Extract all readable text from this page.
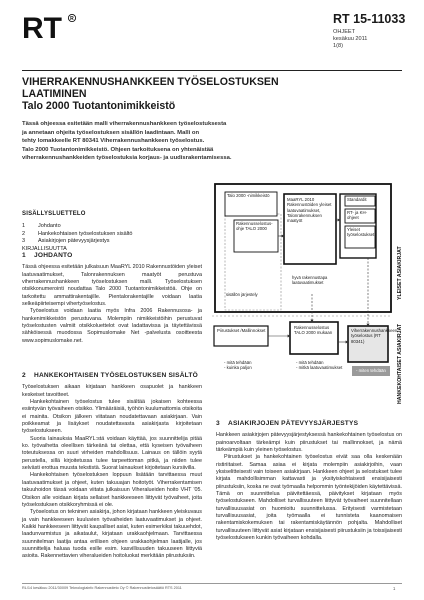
RT R	RT 15-11033
OHJEET
kesäkuu 2011
1(8)
VIHERRAKENNUSHANKKEEN TYÖSELOSTUKSEN
LAATIMINEN
Talo 2000 Tuotantonimikkeistö
Tässä ohjeessa esitetään malli viherrakennushankkeen työselostuksesta
ja annetaan ohjeita työselostuksen sisällön laadintaan. Malli on
tehty lomakkeelle RT 80341 Viherrakennushankkeen työselostus.
Talo 2000 Tuotantonimikkeistö. Ohjeen tarkoituksena on yhtenäistää
viherrakennushankkeiden työselostuksia korjaus- ja uudisrakentamisessa.
SISÄLLYSLUETTELO
1 Johdanto
2 Hankekohtaisen työselostuksen sisältö
3 Asiakirjojen pätevyysjärjestys
KIRJALLISUUTTA
1    JOHDANTO

Tässä ohjeessa esitetään julkaisuun MaaRYL 2010 Rakennustöiden yleiset laatuvaatimukset, Talonrakennuksen maatyöt perustuva viherrakennushankkeen työselostuksen malli. Työselostuksen otsikkonumerointi noudattaa Talo 2000 Tuotantonimikkeistöä. Ohje on tarkoitettu ammattirakentajille. Pientalorakentajille voidaan laatia selkeäpiirteisempi vihertyöselostus.

Työselostus voidaan laatia myös Infra 2006 Rakennusosa- ja hankenimikkeistön perustuvana. Molempiin nimikkeistöihin perustuvat työselostusten valmiit otsikkoluettelot ovat ladattavissa ja täytettävissä sähköisessä muodossa Sopimuslomake Net -palvelusta osoitteesta www.sopimuslomake.net.

2    HANKEKOHTAISEN TYÖSELOSTUKSEN SISÄLTÖ

Työselostuksen aikaan kirjataan hankkeen osapuolet ja hankkeen keskeiset tavoitteet.

Hankekohtainen työselostus tulee sisältää jokaisen kohteessa esiintyvän työvaiheen otsikko. Ylimääräisiä, työhön kuulumattomia otsikoita ei mainita. Otsikon jälkeen viitataan noudatettavaan asiakirjaan. Vain poikkeamat ja lisäykset noudatettavasta asiakirjasta kirjoitetaan työselostukseen.

Suoria lainauksia MaaRYL:stä voidaan käyttää, jos suunnittelija pitää ko. työvaihetta oleellisen tärkeänä tai olettaa, että kyseisen työvaiheen toteutuksessa on suuri virheiden mahdollisuus. Lainaus on tällöin syytä perustella, sillä kirjoitetussa tulee tarpeettoman pitkä, ja niiden tulee selvästi erottua muusta tekstistä. Suorat lainaukset kirjoitetaan kursiivilla.

Hankekohtaisen työselostuksen loppuun lisätään tarvittaessa muut laatuvaatimukset ja ohjeet, kuten takuuajan hoitotyöt. Viherrakentamisen takuuhoidon tässä voidaan viitata julkaisuun Viheralueiden hoito VHT '05. Otsikon alle voidaan kirjata sellaiset hankkeeseen liittyvät työvaiheet, joita työselostuksen otsikkoryhmissä ei ole.

Työselostus on tekninen asiakirja, johon kirjataan hankkeen yleiskuvaus ja vain hankkeeseen kuuluvien työvaiheiden laatuvaatimukset ja ohjeet. Kaikki hankkeeseen liittyvät kaupalliset asiat, kuten esimerkiksi takuuehdot, laadunvarmistus ja aikataulut, kirjataan urakkaohjelmaan. Tarvittaessa suunnitelman laatija antaa erillisen ohjeen urakkaohjelman laatijalle, jos suunnittelija haluaa tuoda esille esim. kasvillisuuden takuuseen liittyviä asioita. Rakennettavien viheralueiden hoitoluokat merkitään piirustuksiin.

Talo 2000 -nimikkeistö
Rakennusselostus-ohje TALO 2000
sisällön järjestely
MaaRYL 2010 Rakennustöiden yleiset laatuvaatimukset, Talonrakennuksen maatyöt
hyvä rakennustapa laatuvaatimukset
Standardit
RT- ja KH-ohjeet
Yleiset työselostukset
YLEISET ASIAKIRJAT
HANKEKOHTAISET ASIAKIRJAT
Piirustukset /Mallinnokset
Rakennusselostus TALO 2000 mukaan	Viherrakennushankkeen työselostus (RT 80341)
- mitä tehdään
- kuinka paljon
- mitä tehdään
- mitkä laatuvaatimukset
- miten tehdään
3    ASIAKIRJOJEN PÄTEVYYSJÄRJESTYS

Hankkeen asiakirjojen pätevyysjärjestyksessä hankekohtainen työselostus on painoarvoltaan tärkeämpi kuin piirustukset tai mallinnokset, ja nämä tärkeämpiä kuin yleinen työselostus.

Piirustukset ja hankekohtainen työselostus eivät saa olla keskenään ristiriitaiset. Samaa asiaa ei kirjata molempiin asiakirjoihin, vaan yksiselitteisesti vain toiseen asiakirjaan. Hankkeen ohjeet ja selostukset tulee kirjata mahdollisimman kattavasti ja yksityiskohtaisesti ensisijaisesti piirustuksiin, koska ne ovat työmaalla helpommin työntekijöiden käytettävissä. Tämä on suunnittelua päivitettäessä, päivitykset kirjataan myös työselostukseen. Mahdolliset turvallisuuteen liittyvät työvaiheet suunnitellaan turvallisuusasiat on huomioitu suunnittelussa. Erityisesti varmistetaan turvallisuusasiat, joita työmaalla ei tunnisteta kaanomaisen rakentamiskokemuksen tai rakentamiskäytännön pohjalta. Mahdolliset turvallisuuteen liittyvät asiat kirjataan ensisijaisesti piirustuksiin ja toissijaisesti työselostukseen kunkin työvaiheen kohdalla.

RL/14 kesäkuu 2011/30009 Teknologiainfo Rakennustieto Oy © Rakennustietosäätiö RTS 2011	1
